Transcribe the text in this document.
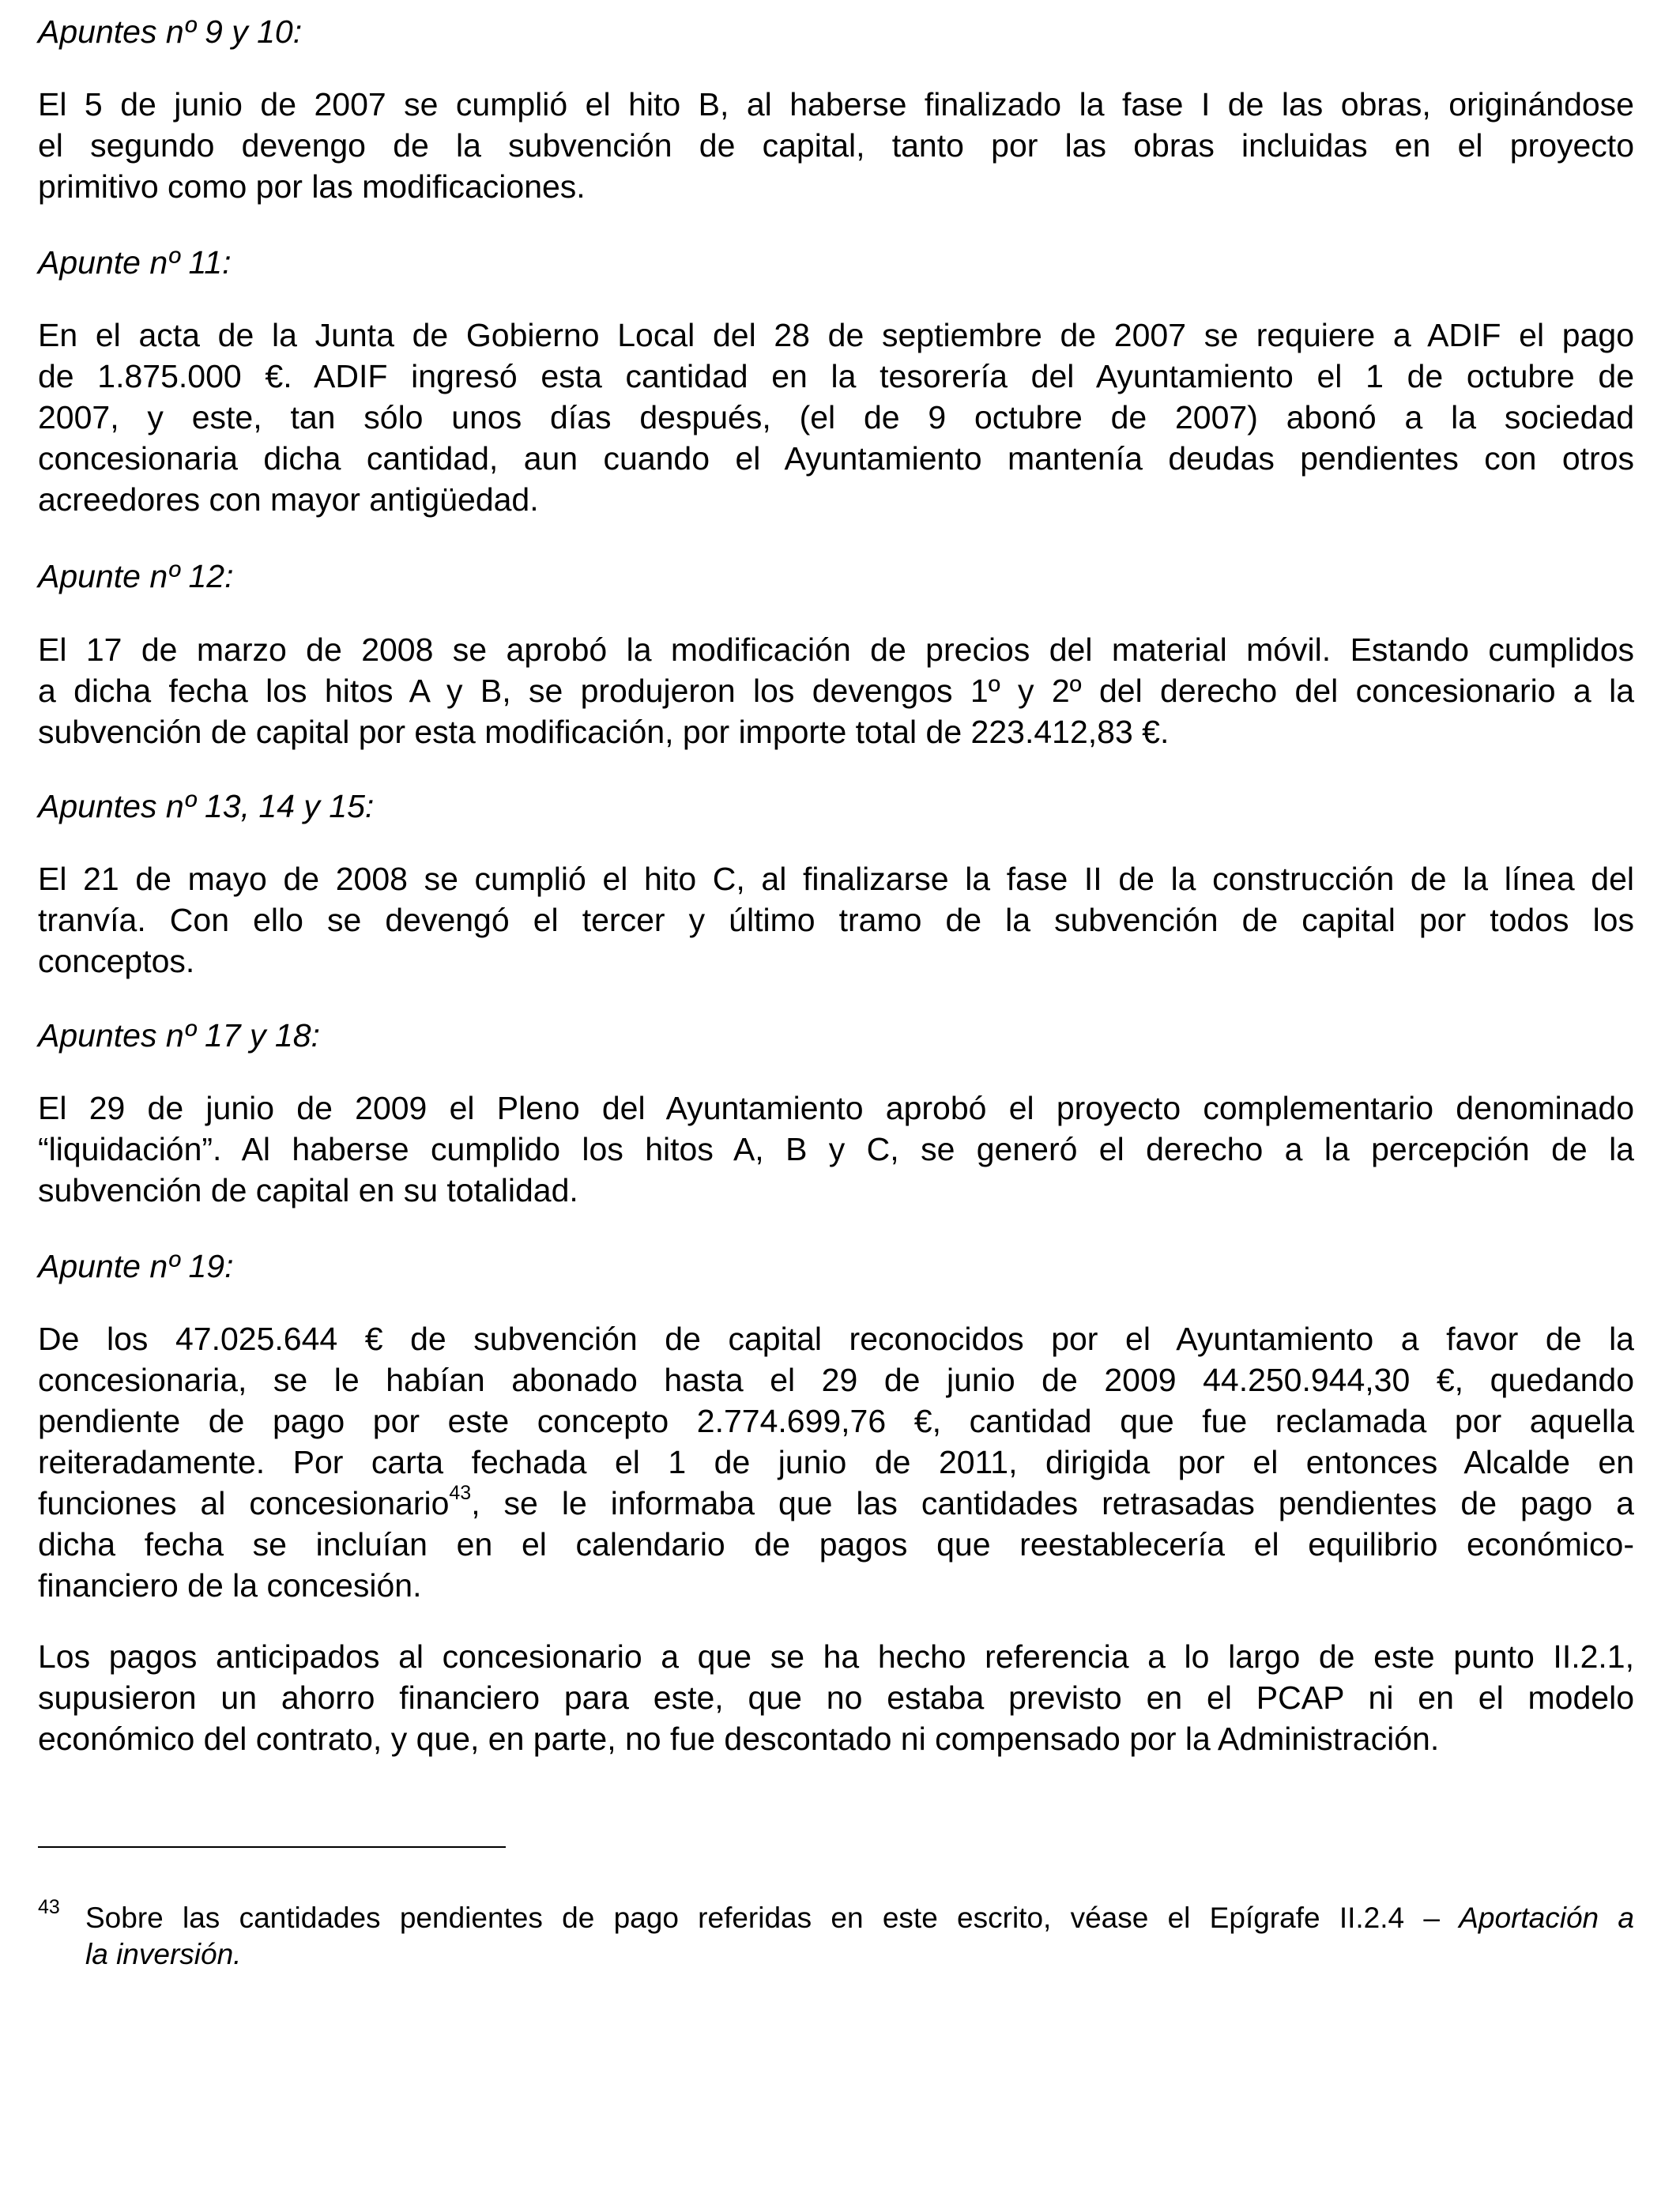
Apuntes nº 9 y 10:

El 5 de junio de 2007 se cumplió el hito B, al haberse finalizado la fase I de las obras, originándose
el segundo devengo de la subvención de capital, tanto por las obras incluidas en el proyecto
primitivo como por las modificaciones.

Apunte nº 11:

En el acta de la Junta de Gobierno Local del 28 de septiembre de 2007 se requiere a ADIF el pago
de 1.875.000 €. ADIF ingresó esta cantidad en la tesorería del Ayuntamiento el 1 de octubre de
2007, y este, tan sólo unos días después, (el de 9 octubre de 2007) abonó a la sociedad
concesionaria dicha cantidad, aun cuando el Ayuntamiento mantenía deudas pendientes con otros
acreedores con mayor antigüedad.

Apunte nº 12:

El 17 de marzo de 2008 se aprobó la modificación de precios del material móvil. Estando cumplidos
a dicha fecha los hitos A y B, se produjeron los devengos 1º y 2º del derecho del concesionario a la
subvención de capital por esta modificación, por importe total de 223.412,83 €.

Apuntes nº 13, 14 y 15:

El 21 de mayo de 2008 se cumplió el hito C, al finalizarse la fase II de la construcción de la línea del
tranvía. Con ello se devengó el tercer y último tramo de la subvención de capital por todos los
conceptos.

Apuntes nº 17 y 18:

El 29 de junio de 2009 el Pleno del Ayuntamiento aprobó el proyecto complementario denominado
“liquidación”. Al haberse cumplido los hitos A, B y C, se generó el derecho a la percepción de la
subvención de capital en su totalidad.

Apunte nº 19:

De los 47.025.644 € de subvención de capital reconocidos por el Ayuntamiento a favor de la
concesionaria, se le habían abonado hasta el 29 de junio de 2009 44.250.944,30 €, quedando
pendiente de pago por este concepto 2.774.699,76 €, cantidad que fue reclamada por aquella
reiteradamente. Por carta fechada el 1 de junio de 2011, dirigida por el entonces Alcalde en
funciones al concesionario$^{43}$, se le informaba que las cantidades retrasadas pendientes de pago a
dicha fecha se incluían en el calendario de pagos que reestablecería el equilibrio económico-
financiero de la concesión.
Los pagos anticipados al concesionario a que se ha hecho referencia a lo largo de este punto II.2.1,
supusieron un ahorro financiero para este, que no estaba previsto en el PCAP ni en el modelo
económico del contrato, y que, en parte, no fue descontado ni compensado por la Administración.
43 Sobre las cantidades pendientes de pago referidas en este escrito, véase el Epígrafe II.2.4 – Aportación a
la inversión.
